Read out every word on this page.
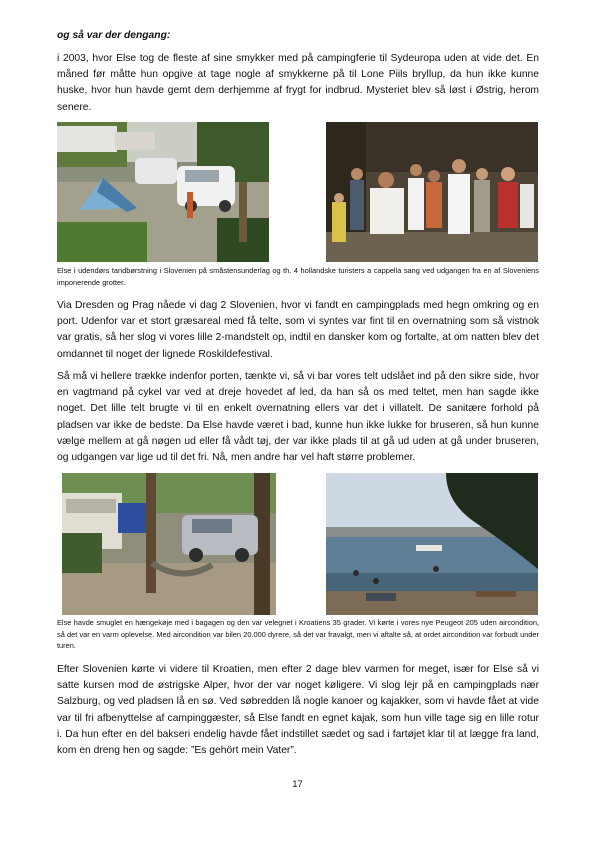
og så var der dengang:
i 2003, hvor Else tog de fleste af sine smykker med på campingferie til Sydeuropa uden at vide det. En måned før måtte hun opgive at tage nogle af smykkerne på til Lone Piils bryllup, da hun ikke kunne huske, hvor hun havde gemt dem derhjemme af frygt for indbrud. Mysteriet blev så løst i Østrig, herom senere.
Else i udendørs tandbørstning i Slovenien på småstensunderlag og th. 4 hollandske turisters a cappella sang ved udgangen fra en af Sloveniens imponerende grotter.
Via Dresden og Prag nåede vi dag 2 Slovenien, hvor vi fandt en campingplads med hegn omkring og en port. Udenfor var et stort græsareal med få telte, som vi syntes var fint til en overnatning som så vistnok var gratis, så her slog vi vores lille 2-mandstelt op, indtil en dansker kom og fortalte, at om natten blev det omdannet til noget der lignede Roskildefestival.
Så må vi hellere trække indenfor porten, tænkte vi, så vi bar vores telt udslået ind på den sikre side, hvor en vagtmand på cykel var ved at dreje hovedet af led, da han så os med teltet, men han sagde ikke noget. Det lille telt brugte vi til en enkelt overnatning ellers var det i villatelt. De sanitære forhold på pladsen var ikke de bedste. Da Else havde været i bad, kunne hun ikke lukke for bruseren, så hun kunne vælge mellem at gå nøgen ud eller få vådt tøj, der var ikke plads til at gå ud uden at gå under bruseren, og udgangen var lige ud til det fri. Nå, men andre har vel haft større problemer.
Else havde smuglet en hængekøje med i bagagen og den var velegnet i Kroatiens 35 grader. Vi kørte i vores nye Peugeot 205 uden aircondition, så det var en varm oplevelse. Med aircondition var bilen 20.000 dyrere, så det var fravalgt, men vi aftalte så, at ordet aircondition var forbudt under turen.
Efter Slovenien kørte vi videre til Kroatien, men efter 2 dage blev varmen for meget, især for Else så vi satte kursen mod de østrigske Alper, hvor der var noget køligere. Vi slog lejr på en campingplads nær Salzburg, og ved pladsen lå en sø. Ved søbredden lå nogle kanoer og kajakker, som vi havde fået at vide var til fri afbenyttelse af campinggæster, så Else fandt en egnet kajak, som hun ville tage sig en lille rotur i. Da hun efter en del bakseri endelig havde fået indstillet sædet og sad i fartøjet klar til at lægge fra land, kom en dreng hen og sagde: ”Es gehört mein Vater”.
17
